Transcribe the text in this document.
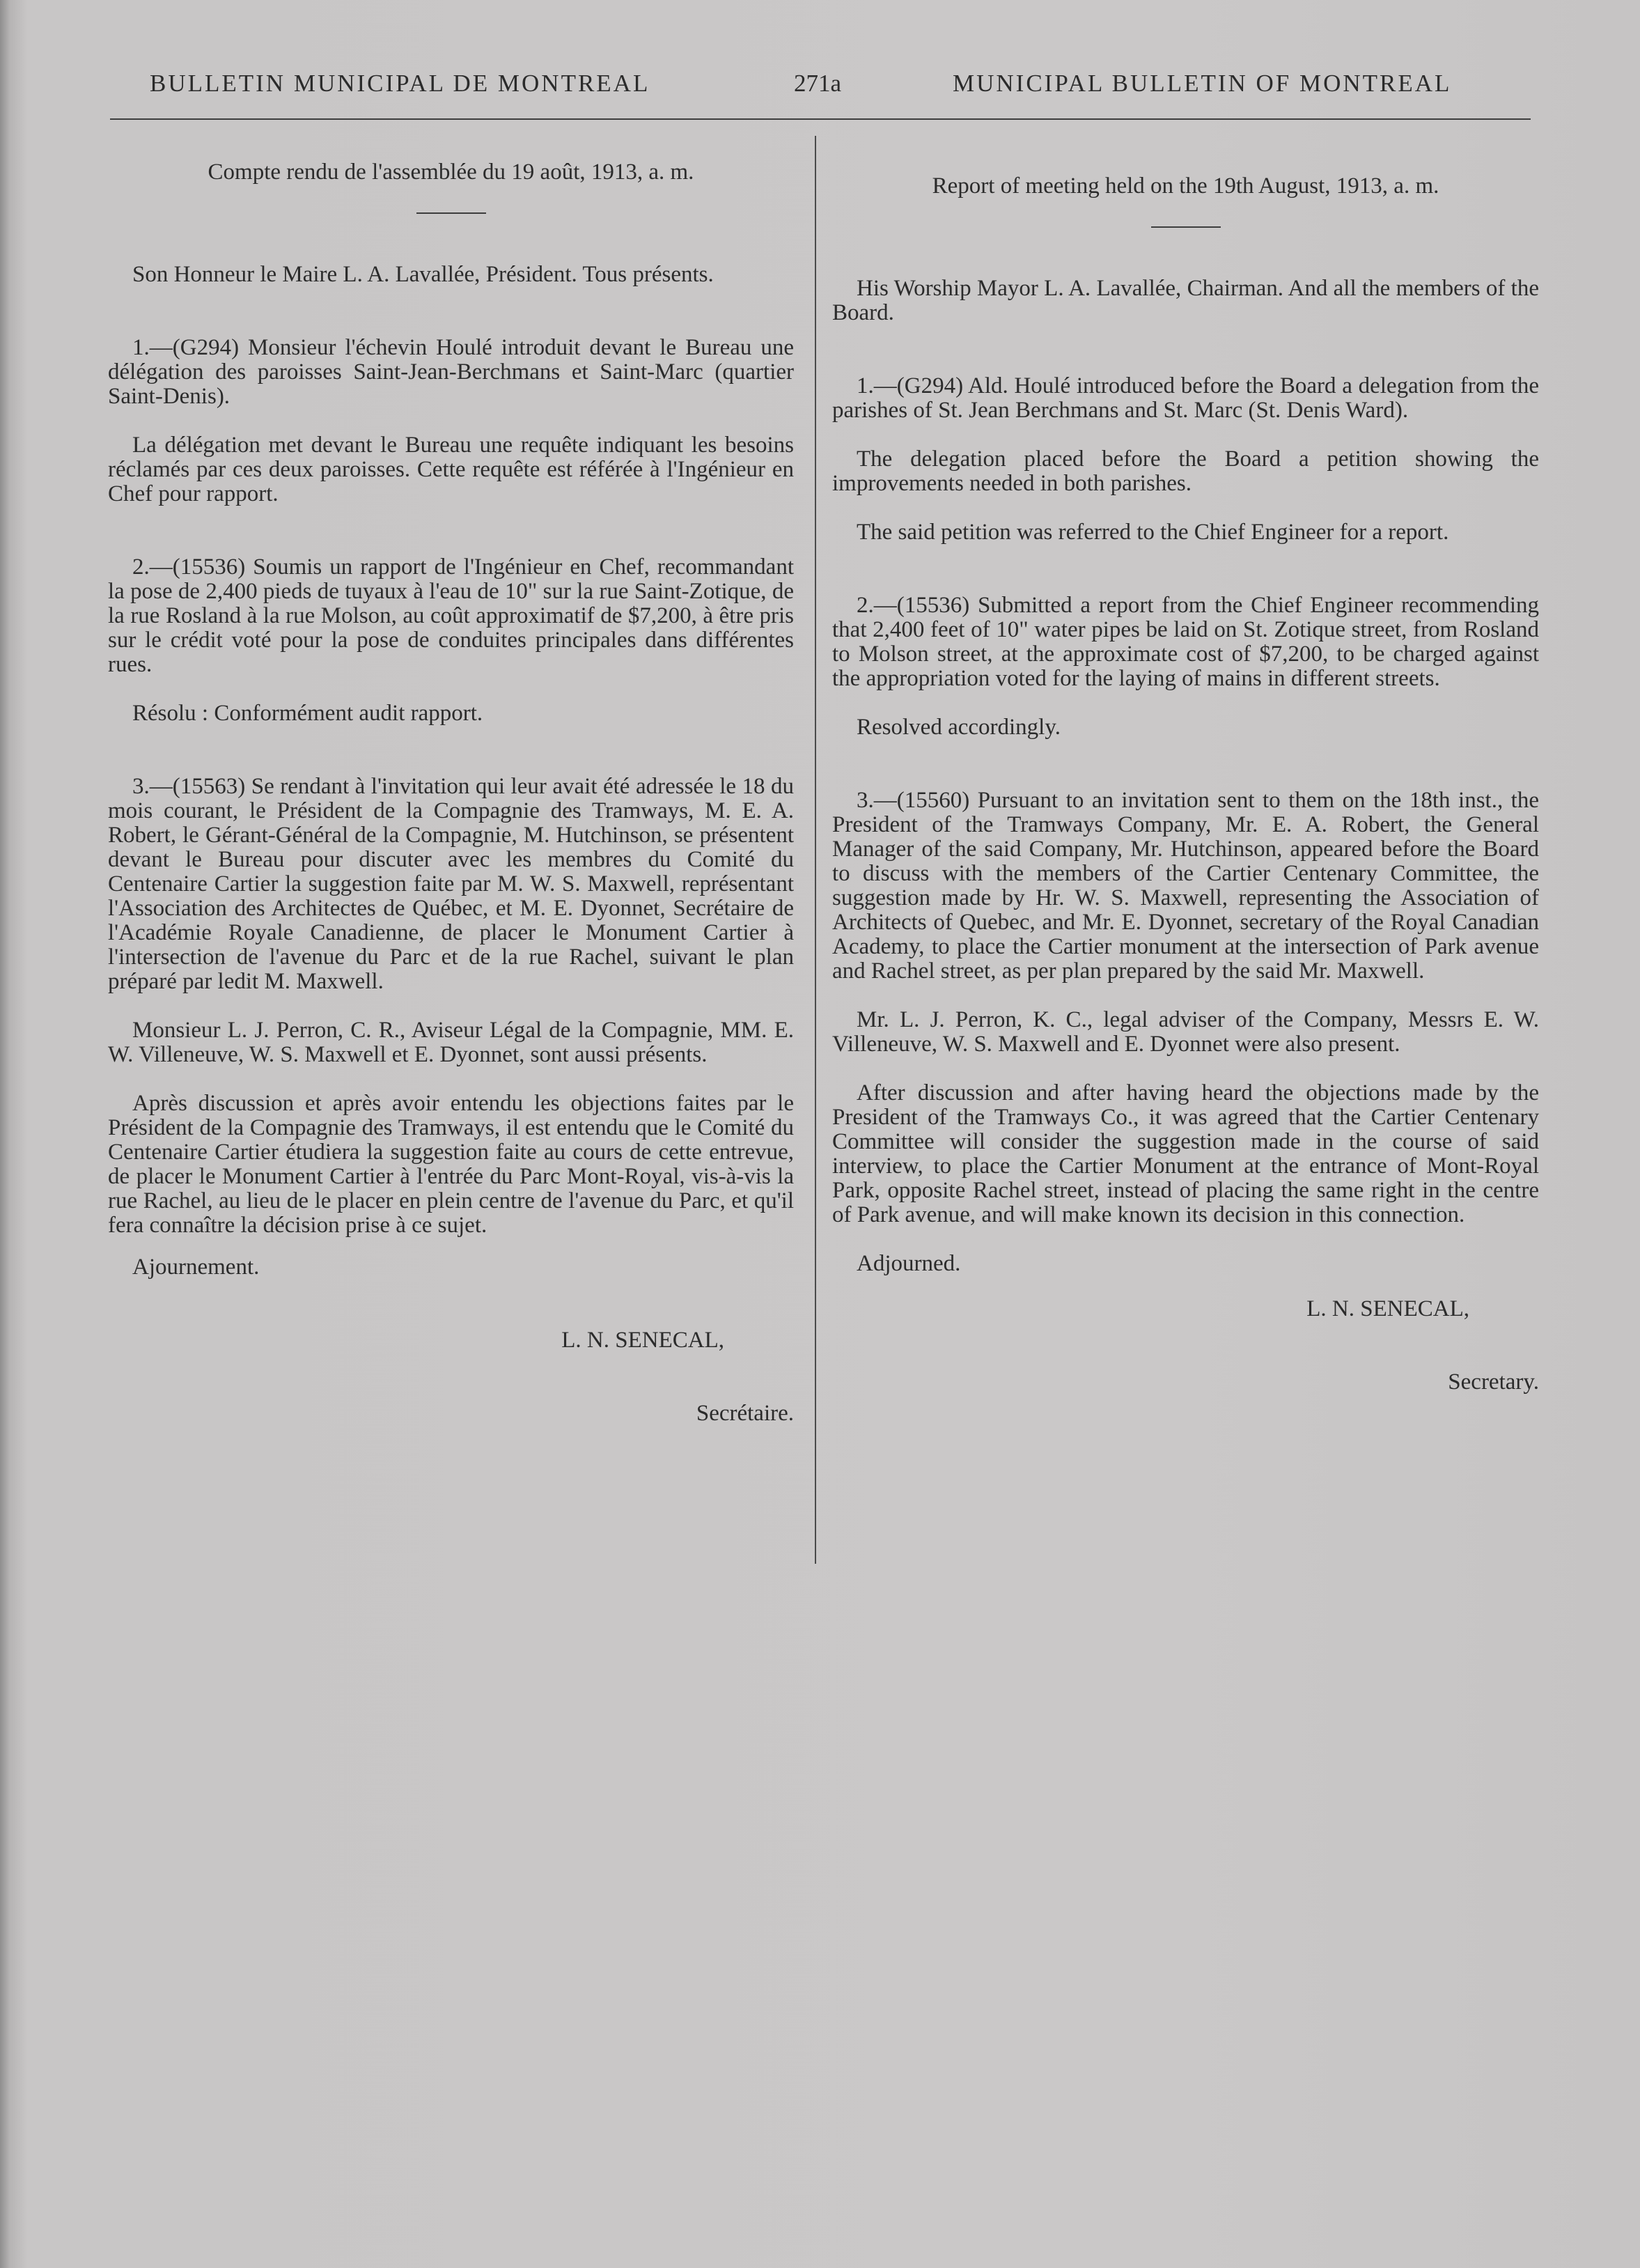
BULLETIN MUNICIPAL DE MONTREAL	271a	MUNICIPAL BULLETIN OF MONTREAL

Compte rendu de l'assemblée du 19 août, 1913, a. m.

Son Honneur le Maire L. A. Lavallée, Président. Tous présents.

1.—(G294) Monsieur l'échevin Houlé introduit devant le Bureau une délégation des paroisses Saint-Jean-Berchmans et Saint-Marc (quartier Saint-Denis).

La délégation met devant le Bureau une requête indiquant les besoins réclamés par ces deux paroisses. Cette requête est référée à l'Ingénieur en Chef pour rapport.

2.—(15536) Soumis un rapport de l'Ingénieur en Chef, recommandant la pose de 2,400 pieds de tuyaux à l'eau de 10" sur la rue Saint-Zotique, de la rue Rosland à la rue Molson, au coût approximatif de $7,200, à être pris sur le crédit voté pour la pose de conduites principales dans différentes rues.

Résolu : Conformément audit rapport.

3.—(15563) Se rendant à l'invitation qui leur avait été adressée le 18 du mois courant, le Président de la Compagnie des Tramways, M. E. A. Robert, le Gérant-Général de la Compagnie, M. Hutchinson, se présentent devant le Bureau pour discuter avec les membres du Comité du Centenaire Cartier la suggestion faite par M. W. S. Maxwell, représentant l'Association des Architectes de Québec, et M. E. Dyonnet, Secrétaire de l'Académie Royale Canadienne, de placer le Monument Cartier à l'intersection de l'avenue du Parc et de la rue Rachel, suivant le plan préparé par ledit M. Maxwell.

Monsieur L. J. Perron, C. R., Aviseur Légal de la Compagnie, MM. E. W. Villeneuve, W. S. Maxwell et E. Dyonnet, sont aussi présents.

Après discussion et après avoir entendu les objections faites par le Président de la Compagnie des Tramways, il est entendu que le Comité du Centenaire Cartier étudiera la suggestion faite au cours de cette entrevue, de placer le Monument Cartier à l'entrée du Parc Mont-Royal, vis-à-vis la rue Rachel, au lieu de le placer en plein centre de l'avenue du Parc, et qu'il fera connaître la décision prise à ce sujet.

Ajournement.

L. N. SENECAL,

Secrétaire.

Report of meeting held on the 19th August, 1913, a. m.

His Worship Mayor L. A. Lavallée, Chairman. And all the members of the Board.

1.—(G294) Ald. Houlé introduced before the Board a delegation from the parishes of St. Jean Berchmans and St. Marc (St. Denis Ward).

The delegation placed before the Board a petition showing the improvements needed in both parishes.

The said petition was referred to the Chief Engineer for a report.

2.—(15536) Submitted a report from the Chief Engineer recommending that 2,400 feet of 10" water pipes be laid on St. Zotique street, from Rosland to Molson street, at the approximate cost of $7,200, to be charged against the appropriation voted for the laying of mains in different streets.

Resolved accordingly.

3.—(15560) Pursuant to an invitation sent to them on the 18th inst., the President of the Tramways Company, Mr. E. A. Robert, the General Manager of the said Company, Mr. Hutchinson, appeared before the Board to discuss with the members of the Cartier Centenary Committee, the suggestion made by Hr. W. S. Maxwell, representing the Association of Architects of Quebec, and Mr. E. Dyonnet, secretary of the Royal Canadian Academy, to place the Cartier monument at the intersection of Park avenue and Rachel street, as per plan prepared by the said Mr. Maxwell.

Mr. L. J. Perron, K. C., legal adviser of the Company, Messrs E. W. Villeneuve, W. S. Maxwell and E. Dyonnet were also present.

After discussion and after having heard the objections made by the President of the Tramways Co., it was agreed that the Cartier Centenary Committee will consider the suggestion made in the course of said interview, to place the Cartier Monument at the entrance of Mont-Royal Park, opposite Rachel street, instead of placing the same right in the centre of Park avenue, and will make known its decision in this connection.

Adjourned.

L. N. SENECAL,

Secretary.
